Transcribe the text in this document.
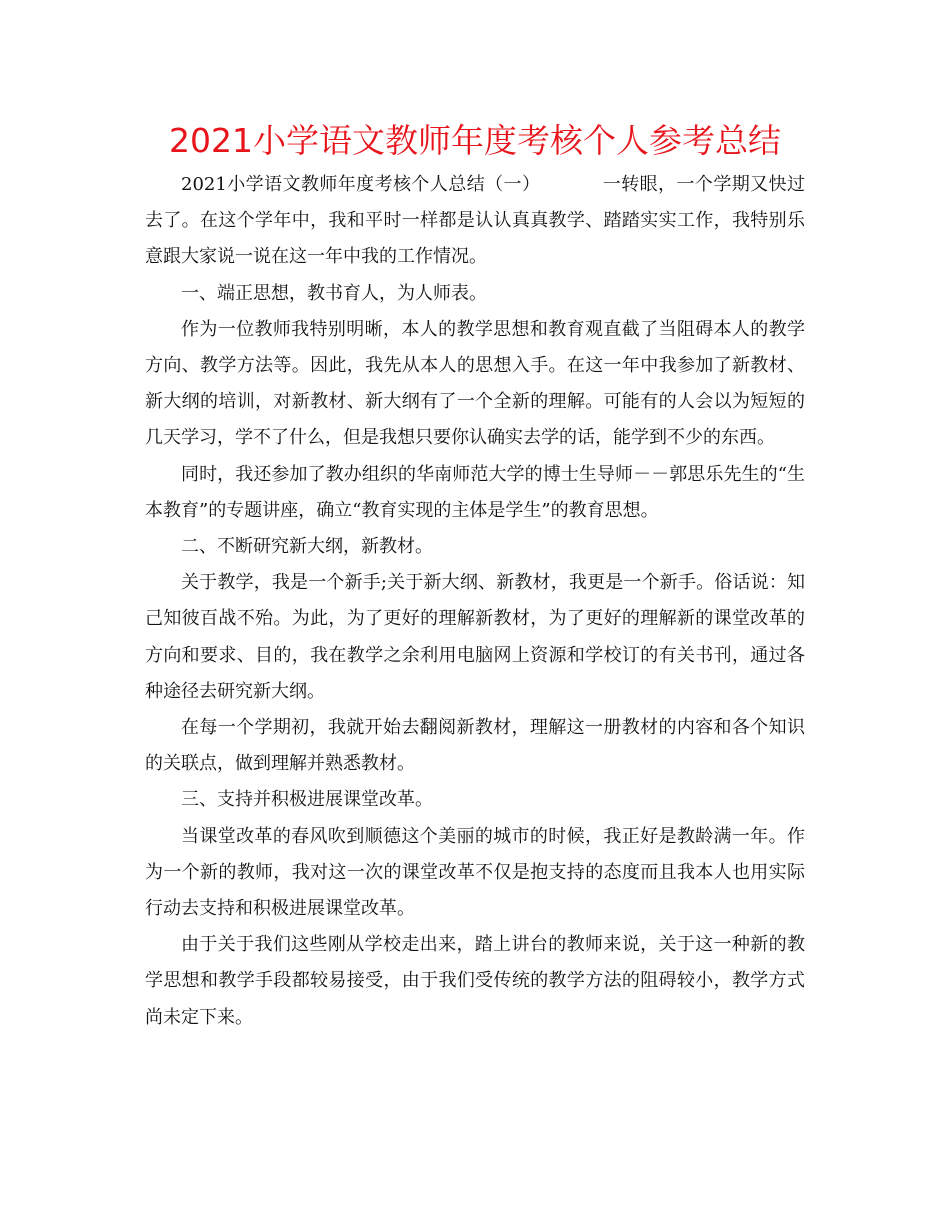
2021小学语文教师年度考核个人参考总结

2021小学语文教师年度考核个人总结（一）	一转眼，一个学期又快过去了。在这个学年中，我和平时一样都是认认真真教学、踏踏实实工作，我特别乐意跟大家说一说在这一年中我的工作情况。

一、端正思想，教书育人，为人师表。

作为一位教师我特别明晰，本人的教学思想和教育观直截了当阻碍本人的教学方向、教学方法等。因此，我先从本人的思想入手。在这一年中我参加了新教材、新大纲的培训，对新教材、新大纲有了一个全新的理解。可能有的人会以为短短的几天学习，学不了什么，但是我想只要你认确实去学的话，能学到不少的东西。

同时，我还参加了教办组织的华南师范大学的博士生导师－－郭思乐先生的“生本教育”的专题讲座，确立“教育实现的主体是学生”的教育思想。

二、不断研究新大纲，新教材。

关于教学，我是一个新手;关于新大纲、新教材，我更是一个新手。俗话说：知己知彼百战不殆。为此，为了更好的理解新教材，为了更好的理解新的课堂改革的方向和要求、目的，我在教学之余利用电脑网上资源和学校订的有关书刊，通过各种途径去研究新大纲。

在每一个学期初，我就开始去翻阅新教材，理解这一册教材的内容和各个知识的关联点，做到理解并熟悉教材。

三、支持并积极进展课堂改革。

当课堂改革的春风吹到顺德这个美丽的城市的时候，我正好是教龄满一年。作为一个新的教师，我对这一次的课堂改革不仅是抱支持的态度而且我本人也用实际行动去支持和积极进展课堂改革。

由于关于我们这些刚从学校走出来，踏上讲台的教师来说，关于这一种新的教学思想和教学手段都较易接受，由于我们受传统的教学方法的阻碍较小，教学方式尚未定下来。
